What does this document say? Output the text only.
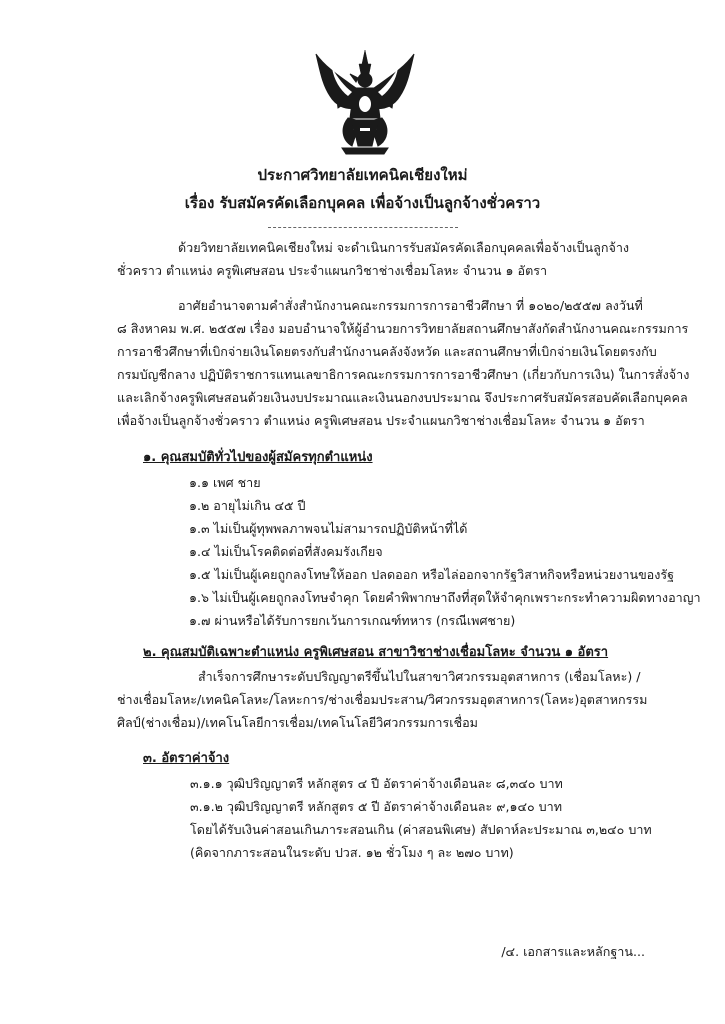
ประกาศวิทยาลัยเทคนิคเชียงใหม่
เรื่อง รับสมัครคัดเลือกบุคคล เพื่อจ้างเป็นลูกจ้างชั่วคราว
ด้วยวิทยาลัยเทคนิคเชียงใหม่ จะดำเนินการรับสมัครคัดเลือกบุคคลเพื่อจ้างเป็นลูกจ้าง
ชั่วคราว ตำแหน่ง ครูพิเศษสอน ประจำแผนกวิชาช่างเชื่อมโลหะ จำนวน ๑ อัตรา
อาศัยอำนาจตามคำสั่งสำนักงานคณะกรรมการการอาชีวศึกษา ที่ ๑๐๒๐/๒๕๕๗ ลงวันที่
๘ สิงหาคม พ.ศ. ๒๕๕๗ เรื่อง มอบอำนาจให้ผู้อำนวยการวิทยาลัยสถานศึกษาสังกัดสำนักงานคณะกรรมการ
การอาชีวศึกษาที่เบิกจ่ายเงินโดยตรงกับสำนักงานคลังจังหวัด และสถานศึกษาที่เบิกจ่ายเงินโดยตรงกับ
กรมบัญชีกลาง ปฏิบัติราชการแทนเลขาธิการคณะกรรมการการอาชีวศึกษา (เกี่ยวกับการเงิน) ในการสั่งจ้าง
และเลิกจ้างครูพิเศษสอนด้วยเงินงบประมาณและเงินนอกงบประมาณ จึงประกาศรับสมัครสอบคัดเลือกบุคคล
เพื่อจ้างเป็นลูกจ้างชั่วคราว ตำแหน่ง ครูพิเศษสอน ประจำแผนกวิชาช่างเชื่อมโลหะ จำนวน ๑ อัตรา
๑. คุณสมบัติทั่วไปของผู้สมัครทุกตำแหน่ง
๑.๑ เพศ ชาย
๑.๒ อายุไม่เกิน ๔๕ ปี
๑.๓ ไม่เป็นผู้ทุพพลภาพจนไม่สามารถปฏิบัติหน้าที่ได้
๑.๔ ไม่เป็นโรคติดต่อที่สังคมรังเกียจ
๑.๕ ไม่เป็นผู้เคยถูกลงโทษให้ออก ปลดออก หรือไล่ออกจากรัฐวิสาหกิจหรือหน่วยงานของรัฐ
๑.๖ ไม่เป็นผู้เคยถูกลงโทษจำคุก โดยคำพิพากษาถึงที่สุดให้จำคุกเพราะกระทำความผิดทางอาญา
๑.๗ ผ่านหรือได้รับการยกเว้นการเกณฑ์ทหาร (กรณีเพศชาย)
๒. คุณสมบัติเฉพาะตำแหน่ง ครูพิเศษสอน สาขาวิชาช่างเชื่อมโลหะ จำนวน ๑ อัตรา
สำเร็จการศึกษาระดับปริญญาตรีขึ้นไปในสาขาวิศวกรรมอุตสาหการ (เชื่อมโลหะ) /
ช่างเชื่อมโลหะ/เทคนิคโลหะ/โลหะการ/ช่างเชื่อมประสาน/วิศวกรรมอุตสาหการ(โลหะ)อุตสาหกรรม
ศิลป์(ช่างเชื่อม)/เทคโนโลยีการเชื่อม/เทคโนโลยีวิศวกรรมการเชื่อม
๓. อัตราค่าจ้าง
๓.๑.๑ วุฒิปริญญาตรี หลักสูตร ๔ ปี อัตราค่าจ้างเดือนละ ๘,๓๔๐ บาท
๓.๑.๒ วุฒิปริญญาตรี หลักสูตร ๕ ปี อัตราค่าจ้างเดือนละ ๙,๑๔๐ บาท
โดยได้รับเงินค่าสอนเกินภาระสอนเกิน (ค่าสอนพิเศษ) สัปดาห์ละประมาณ ๓,๒๔๐ บาท
(คิดจากภาระสอนในระดับ ปวส. ๑๒ ชั่วโมง ๆ ละ ๒๗๐ บาท)
/๔. เอกสารและหลักฐาน...
